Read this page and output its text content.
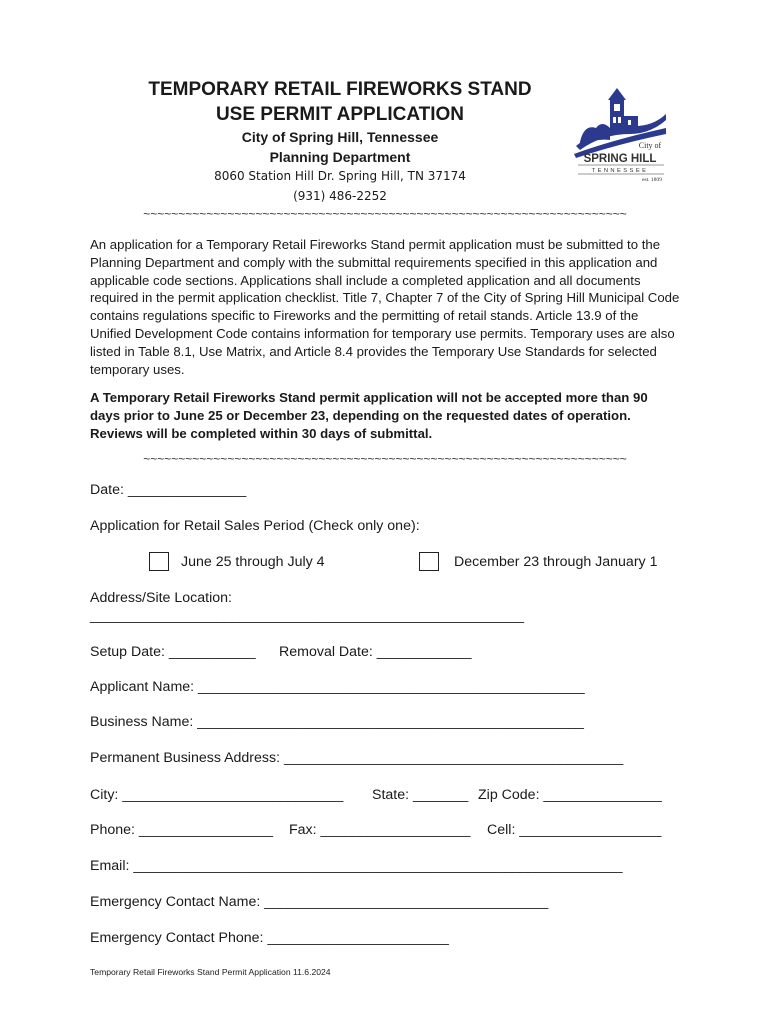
TEMPORARY RETAIL FIREWORKS STAND
USE PERMIT APPLICATION
City of Spring Hill, Tennessee
Planning Department
8060 Station Hill Dr. Spring Hill, TN 37174
(931) 486-2252
~~~~~~~~~~~~~~~~~~~~~~~~~~~~~~~~~~~~~~~~~~~~~~~~~~~~~~~~~~~~~~~~~~~~~
City of
SPRING HILL
TENNESSEE
est. 1809
An application for a Temporary Retail Fireworks Stand permit application must be submitted to the Planning Department and comply with the submittal requirements specified in this application and applicable code sections. Applications shall include a completed application and all documents required in the permit application checklist. Title 7, Chapter 7 of the City of Spring Hill Municipal Code contains regulations specific to Fireworks and the permitting of retail stands. Article 13.9 of the Unified Development Code contains information for temporary use permits. Temporary uses are also listed in Table 8.1, Use Matrix, and Article 8.4 provides the Temporary Use Standards for selected temporary uses.
A Temporary Retail Fireworks Stand permit application will not be accepted more than 90 days prior to June 25 or December 23, depending on the requested dates of operation. Reviews will be completed within 30 days of submittal.
~~~~~~~~~~~~~~~~~~~~~~~~~~~~~~~~~~~~~~~~~~~~~~~~~~~~~~~~~~~~~~~~~~~~~
Date: _______________
Application for Retail Sales Period (Check only one):
June 25 through July 4	December 23 through January 1
Address/Site Location:
_______________________________________________________
Setup Date: ___________ Removal Date: ____________
Applicant Name: _________________________________________________
Business Name: _________________________________________________
Permanent Business Address: ___________________________________________
City: ____________________________ State: _______ Zip Code: _______________
Phone: _________________ Fax: ___________________ Cell: __________________
Email: ______________________________________________________________
Emergency Contact Name: ____________________________________
Emergency Contact Phone: _______________________
Temporary Retail Fireworks Stand Permit Application 11.6.2024
